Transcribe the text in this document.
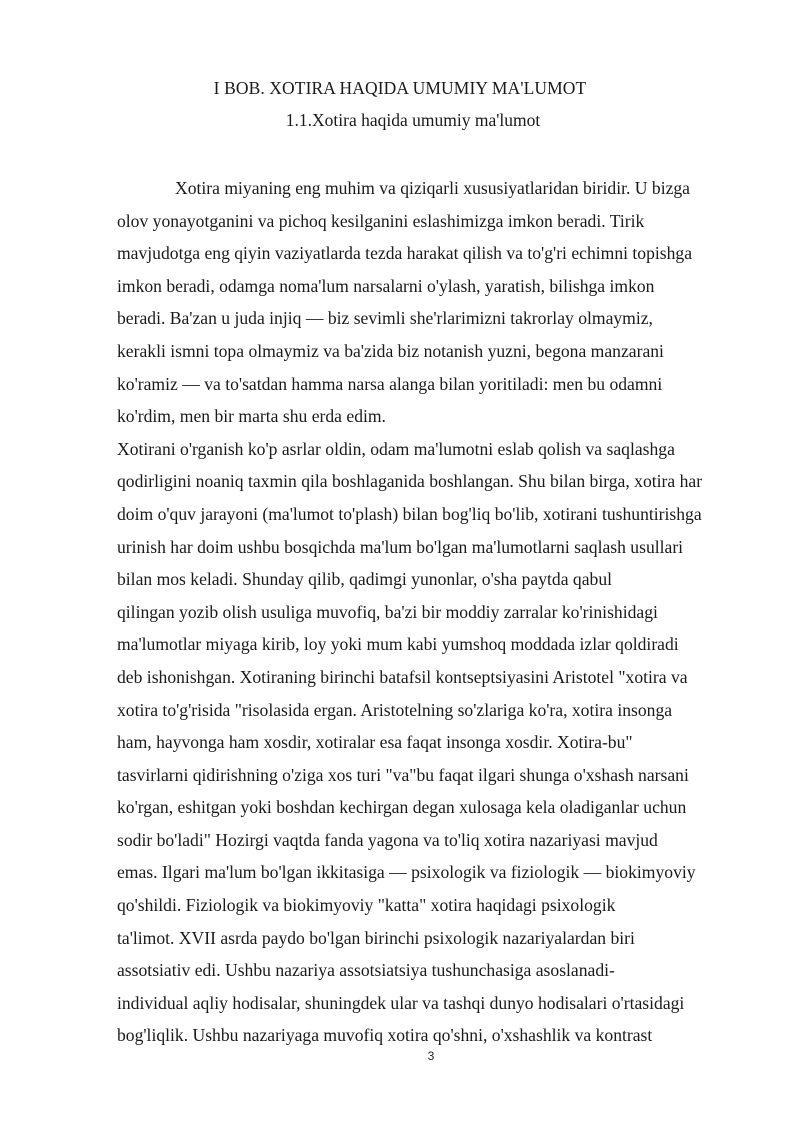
I BOB. XOTIRA HAQIDA UMUMIY MA'LUMOT
1.1.Xotira haqida umumiy ma'lumot
Xotira miyaning eng muhim va qiziqarli xususiyatlaridan biridir. U bizga
olov yonayotganini va pichoq kesilganini eslashimizga imkon beradi. Tirik
mavjudotga eng qiyin vaziyatlarda tezda harakat qilish va to'g'ri echimni topishga
imkon beradi, odamga noma'lum narsalarni o'ylash, yaratish, bilishga imkon
beradi. Ba'zan u juda injiq — biz sevimli she'rlarimizni takrorlay olmaymiz,
kerakli ismni topa olmaymiz va ba'zida biz notanish yuzni, begona manzarani
ko'ramiz — va to'satdan hamma narsa alanga bilan yoritiladi: men bu odamni
ko'rdim, men bir marta shu erda edim.
Xotirani o'rganish ko'p asrlar oldin, odam ma'lumotni eslab qolish va saqlashga
qodirligini noaniq taxmin qila boshlaganida boshlangan. Shu bilan birga, xotira har
doim o'quv jarayoni (ma'lumot to'plash) bilan bog'liq bo'lib, xotirani tushuntirishga
urinish har doim ushbu bosqichda ma'lum bo'lgan ma'lumotlarni saqlash usullari
bilan mos keladi. Shunday qilib, qadimgi yunonlar, o'sha paytda qabul
qilingan yozib olish usuliga muvofiq, ba'zi bir moddiy zarralar ko'rinishidagi
ma'lumotlar miyaga kirib, loy yoki mum kabi yumshoq moddada izlar qoldiradi
deb ishonishgan. Xotiraning birinchi batafsil kontseptsiyasini Aristotel "xotira va
xotira to'g'risida "risolasida ergan. Aristotelning so'zlariga ko'ra, xotira insonga
ham, hayvonga ham xosdir, xotiralar esa faqat insonga xosdir. Xotira-bu"
tasvirlarni qidirishning o'ziga xos turi "va"bu faqat ilgari shunga o'xshash narsani
ko'rgan, eshitgan yoki boshdan kechirgan degan xulosaga kela oladiganlar uchun
sodir bo'ladi" Hozirgi vaqtda fanda yagona va to'liq xotira nazariyasi mavjud
emas. Ilgari ma'lum bo'lgan ikkitasiga — psixologik va fiziologik — biokimyoviy
qo'shildi. Fiziologik va biokimyoviy "katta" xotira haqidagi psixologik
ta'limot. XVII asrda paydo bo'lgan birinchi psixologik nazariyalardan biri
assotsiativ edi. Ushbu nazariya assotsiatsiya tushunchasiga asoslanadi-
individual aqliy hodisalar, shuningdek ular va tashqi dunyo hodisalari o'rtasidagi
bog'liqlik. Ushbu nazariyaga muvofiq xotira qo'shni, o'xshashlik va kontrast
3
